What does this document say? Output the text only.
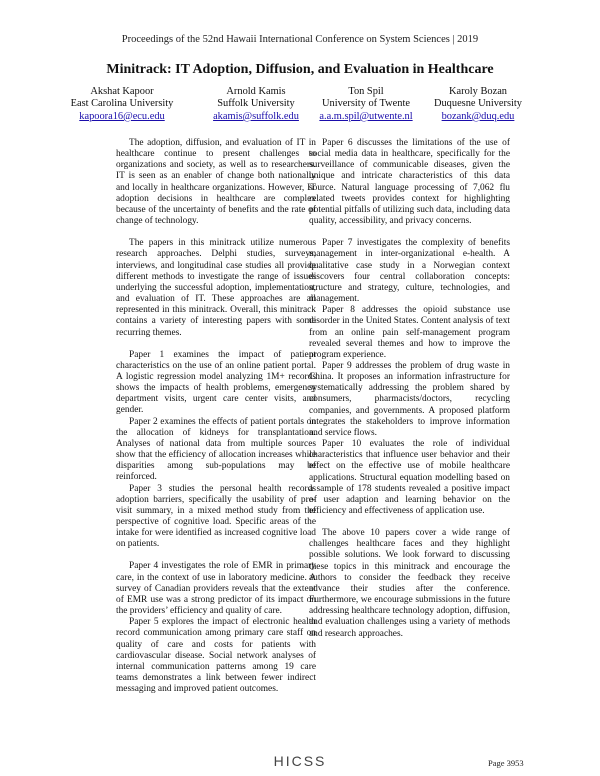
Proceedings of the 52nd Hawaii International Conference on System Sciences | 2019
Minitrack: IT Adoption, Diffusion, and Evaluation in Healthcare
Akshat Kapoor
East Carolina University
kapoora16@ecu.edu
Arnold Kamis
Suffolk University
akamis@suffolk.edu
Ton Spil
University of Twente
a.a.m.spil@utwente.nl
Karoly Bozan
Duquesne University
bozank@duq.edu

The adoption, diffusion, and evaluation of IT in healthcare continue to present challenges to organizations and society, as well as to researchers. IT is seen as an enabler of change both nationally and locally in healthcare organizations. However, IT adoption decisions in healthcare are complex because of the uncertainty of benefits and the rate of change of technology.

The papers in this minitrack utilize numerous research approaches. Delphi studies, surveys, interviews, and longitudinal case studies all provide different methods to investigate the range of issues underlying the successful adoption, implementation, and evaluation of IT. These approaches are all represented in this minitrack. Overall, this minitrack contains a variety of interesting papers with some recurring themes.

Paper 1 examines the impact of patient characteristics on the use of an online patient portal. A logistic regression model analyzing 1M+ records shows the impacts of health problems, emergency department visits, urgent care center visits, and gender.

Paper 2 examines the effects of patient portals on the allocation of kidneys for transplantation. Analyses of national data from multiple sources show that the efficiency of allocation increases while disparities among sub-populations may be reinforced.

Paper 3 studies the personal health records adoption barriers, specifically the usability of pre-visit summary, in a mixed method study from the perspective of cognitive load. Specific areas of the intake for were identified as increased cognitive load on patients.

Paper 4 investigates the role of EMR in primary care, in the context of use in laboratory medicine. A survey of Canadian providers reveals that the extent of EMR use was a strong predictor of its impact on the providers’ efficiency and quality of care.

Paper 5 explores the impact of electronic health record communication among primary care staff on quality of care and costs for patients with cardiovascular disease. Social network analyses of internal communication patterns among 19 care teams demonstrates a link between fewer indirect messaging and improved patient outcomes.

Paper 6 discusses the limitations of the use of social media data in healthcare, specifically for the surveillance of communicable diseases, given the unique and intricate characteristics of this data source. Natural language processing of 7,062 flu related tweets provides context for highlighting potential pitfalls of utilizing such data, including data quality, accessibility, and privacy concerns.

Paper 7 investigates the complexity of benefits management in inter-organizational e-health. A qualitative case study in a Norwegian context discovers four central collaboration concepts: structure and strategy, culture, technologies, and management.

Paper 8 addresses the opioid substance use disorder in the United States. Content analysis of text from an online pain self-management program revealed several themes and how to improve the program experience.

Paper 9 addresses the problem of drug waste in China. It proposes an information infrastructure for systematically addressing the problem shared by consumers, pharmacists/doctors, recycling companies, and governments. A proposed platform integrates the stakeholders to improve information and service flows.

Paper 10 evaluates the role of individual characteristics that influence user behavior and their effect on the effective use of mobile healthcare applications. Structural equation modelling based on a sample of 178 students revealed a positive impact of user adaption and learning behavior on the efficiency and effectiveness of application use.

The above 10 papers cover a wide range of challenges healthcare faces and they highlight possible solutions. We look forward to discussing these topics in this minitrack and encourage the authors to consider the feedback they receive advance their studies after the conference. Furthermore, we encourage submissions in the future addressing healthcare technology adoption, diffusion, and evaluation challenges using a variety of methods and research approaches.

HICSS	Page 3953
